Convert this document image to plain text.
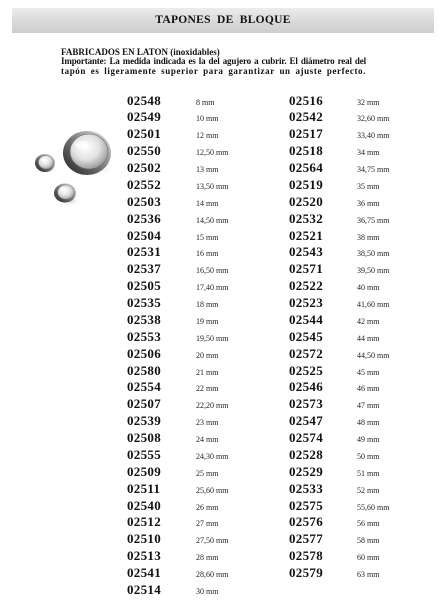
TAPONES DE BLOQUE
FABRICADOS EN LATON (inoxidables)
Importante: La medida indicada es la del agujero a cubrir. El diámetro real del
tapón es ligeramente superior para garantizar un ajuste perfecto.
02548	8 mm
02549	10 mm
02501	12 mm
02550	12,50 mm
02502	13 mm
02552	13,50 mm
02503	14 mm
02536	14,50 mm
02504	15 mm
02531	16 mm
02537	16,50 mm
02505	17,40 mm
02535	18 mm
02538	19 mm
02553	19,50 mm
02506	20 mm
02580	21 mm
02554	22 mm
02507	22,20 mm
02539	23 mm
02508	24 mm
02555	24,30 mm
02509	25 mm
02511	25,60 mm
02540	26 mm
02512	27 mm
02510	27,50 mm
02513	28 mm
02541	28,60 mm
02514	30 mm
02516	32 mm
02542	32,60 mm
02517	33,40 mm
02518	34 mm
02564	34,75 mm
02519	35 mm
02520	36 mm
02532	36,75 mm
02521	38 mm
02543	38,50 mm
02571	39,50 mm
02522	40 mm
02523	41,60 mm
02544	42 mm
02545	44 mm
02572	44,50 mm
02525	45 mm
02546	46 mm
02573	47 mm
02547	48 mm
02574	49 mm
02528	50 mm
02529	51 mm
02533	52 mm
02575	55,60 mm
02576	56 mm
02577	58 mm
02578	60 mm
02579	63 mm
